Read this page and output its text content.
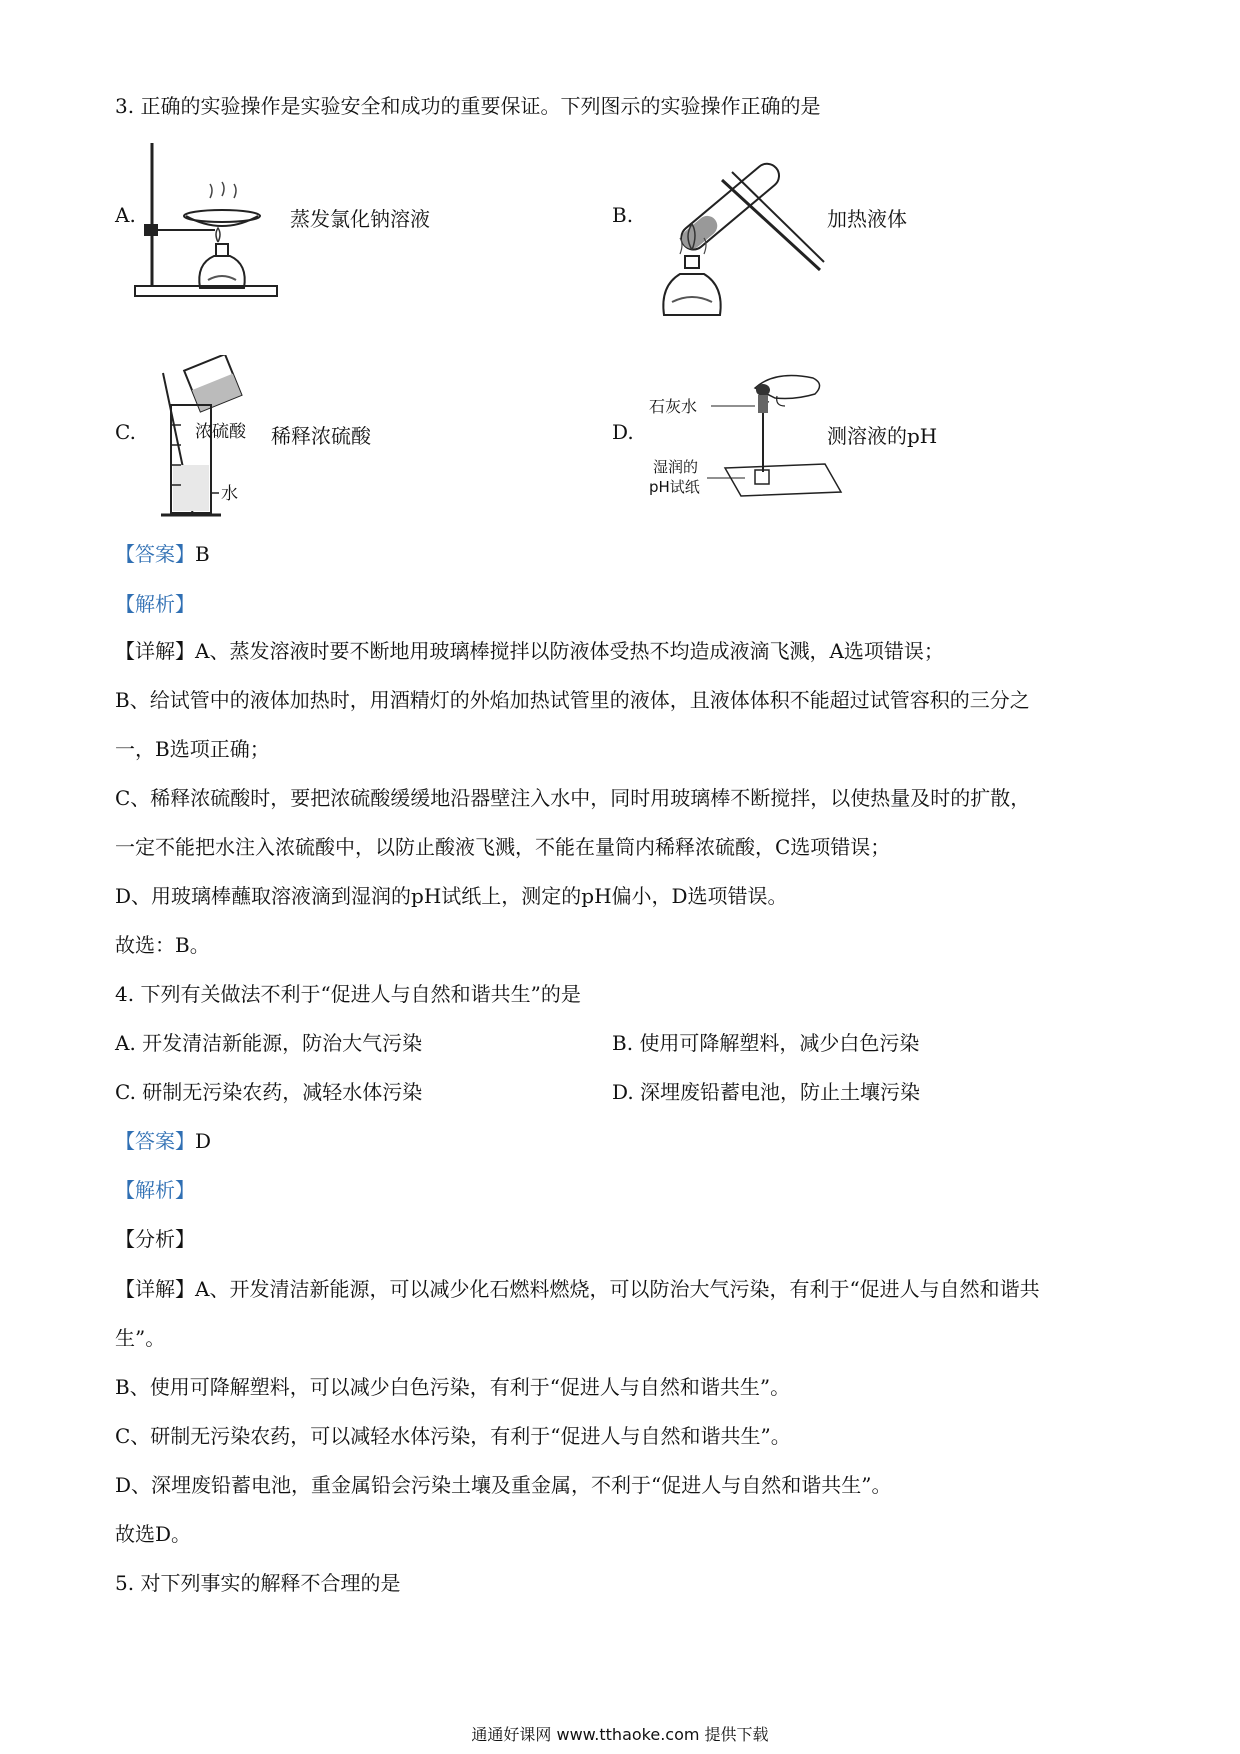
3. 正确的实验操作是实验安全和成功的重要保证。下列图示的实验操作正确的是
A.	蒸发氯化钠溶液	B.	加热液体
C.	浓硫酸
水
稀释浓硫酸	D.
石灰水
湿润的
pH试纸
测溶液的pH
【答案】B
【解析】
【详解】A、蒸发溶液时要不断地用玻璃棒搅拌以防液体受热不均造成液滴飞溅，A选项错误；
B、给试管中的液体加热时，用酒精灯的外焰加热试管里的液体，且液体体积不能超过试管容积的三分之
一，B选项正确；
C、稀释浓硫酸时，要把浓硫酸缓缓地沿器壁注入水中，同时用玻璃棒不断搅拌，以使热量及时的扩散，
一定不能把水注入浓硫酸中，以防止酸液飞溅，不能在量筒内稀释浓硫酸，C选项错误；
D、用玻璃棒蘸取溶液滴到湿润的pH试纸上，测定的pH偏小，D选项错误。
故选：B。
4. 下列有关做法不利于“促进人与自然和谐共生”的是
A. 开发清洁新能源，防治大气污染	B. 使用可降解塑料，减少白色污染
C. 研制无污染农药，减轻水体污染	D. 深埋废铅蓄电池，防止土壤污染
【答案】D
【解析】
【分析】
【详解】A、开发清洁新能源，可以减少化石燃料燃烧，可以防治大气污染，有利于“促进人与自然和谐共
生”。
B、使用可降解塑料，可以减少白色污染，有利于“促进人与自然和谐共生”。
C、研制无污染农药，可以减轻水体污染，有利于“促进人与自然和谐共生”。
D、深埋废铅蓄电池，重金属铅会污染土壤及重金属，不利于“促进人与自然和谐共生”。
故选D。
5. 对下列事实的解释不合理的是
通通好课网 www.tthaoke.com 提供下载
